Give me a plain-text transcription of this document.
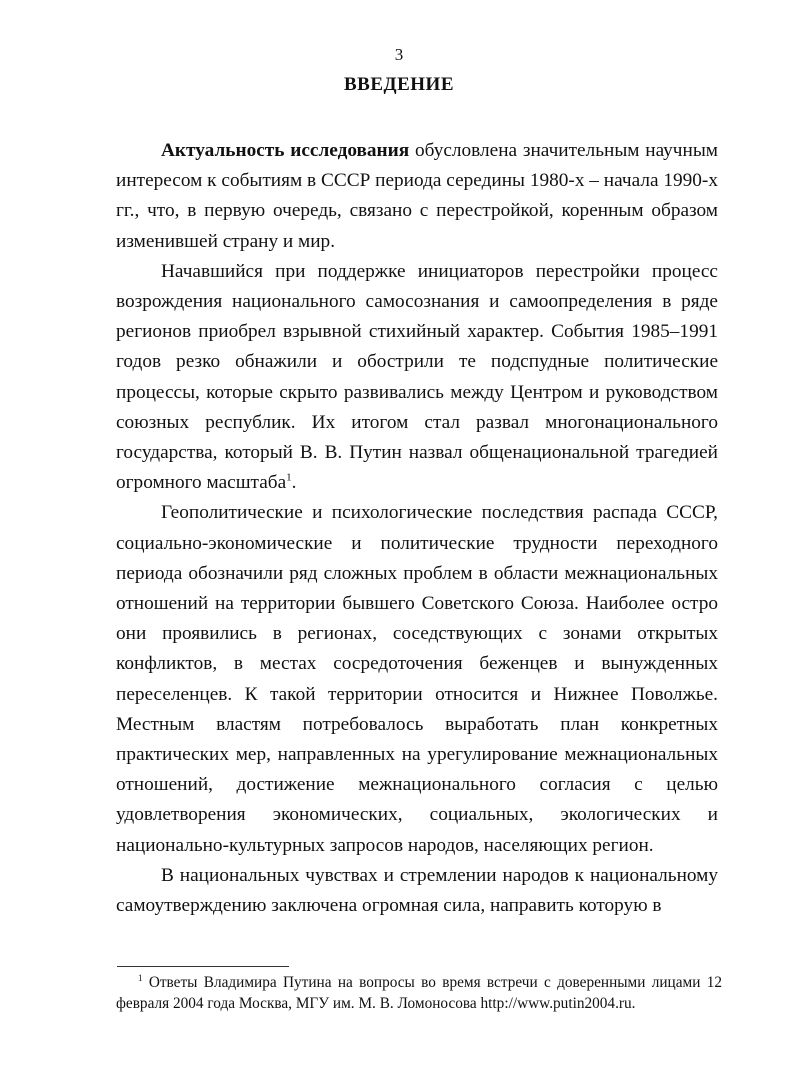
3
ВВЕДЕНИЕ

Актуальность исследования обусловлена значительным научным интересом к событиям в СССР периода середины 1980-х – начала 1990-х гг., что, в первую очередь, связано с перестройкой, коренным образом изменившей страну и мир.

Начавшийся при поддержке инициаторов перестройки процесс возрождения национального самосознания и самоопределения в ряде регионов приобрел взрывной стихийный характер. События 1985–1991 годов резко обнажили и обострили те подспудные политические процессы, которые скрыто развивались между Центром и руководством союзных республик. Их итогом стал развал многонационального государства, который В. В. Путин назвал общенациональной трагедией огромного масштаба$^1$.

Геополитические и психологические последствия распада СССР, социально-экономические и политические трудности переходного периода обозначили ряд сложных проблем в области межнациональных отношений на территории бывшего Советского Союза. Наиболее остро они проявились в регионах, соседствующих с зонами открытых конфликтов, в местах сосредоточения беженцев и вынужденных переселенцев. К такой территории относится и Нижнее Поволжье. Местным властям потребовалось выработать план конкретных практических мер, направленных на урегулирование межнациональных отношений, достижение межнационального согласия с целью удовлетворения экономических, социальных, экологических и национально-культурных запросов народов, населяющих регион.

В национальных чувствах и стремлении народов к национальному самоутверждению заключена огромная сила, направить которую в

$^1$ Ответы Владимира Путина на вопросы во время встречи с доверенными лицами 12 февраля 2004 года Москва, МГУ им. М. В. Ломоносова http://www.putin2004.ru.
